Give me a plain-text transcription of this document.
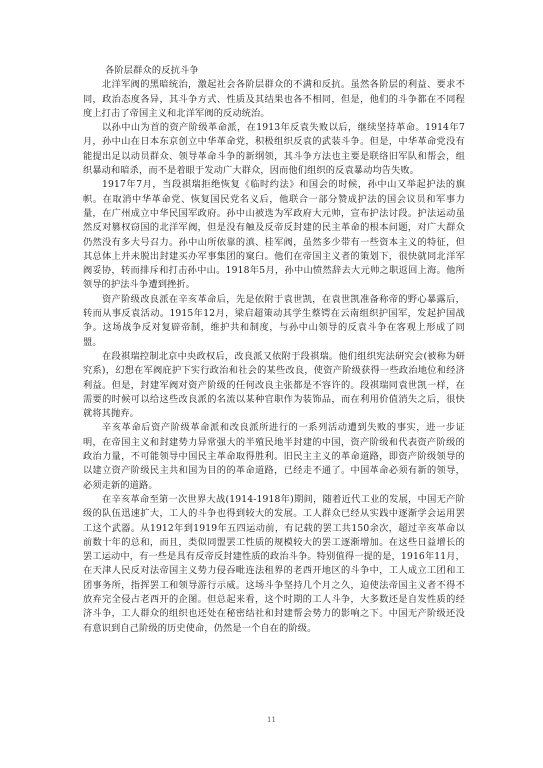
各阶层群众的反抗斗争

北洋军阀的黑暗统治，激起社会各阶层群众的不满和反抗。虽然各阶层的利益、要求不同，政治态度各异，其斗争方式、性质及其结果也各不相同，但是，他们的斗争都在不同程度上打击了帝国主义和北洋军阀的反动统治。

以孙中山为首的资产阶级革命派，在1913年反袁失败以后，继续坚持革命。1914年7月，孙中山在日本东京创立中华革命党，积极组织反袁的武装斗争。但是，中华革命党没有能提出足以动员群众、领导革命斗争的新纲领，其斗争方法也主要是联络旧军队和帮会，组织暴动和暗杀，而不是着眼于发动广大群众，因而他们组织的反袁暴动均告失败。

1917年7月，当段祺瑞拒绝恢复《临时约法》和国会的时候，孙中山又举起护法的旗帜。在取消中华革命党、恢复国民党名义后，他联合一部分赞成护法的国会议员和军事力量，在广州成立中华民国军政府。孙中山被选为军政府大元帅，宣布护法讨段。护法运动虽然反对篡权窃国的北洋军阀，但是没有触及反帝反封建的民主革命的根本问题，对广大群众仍然没有多大号召力。孙中山所依靠的滇、桂军阀，虽然多少带有一些资本主义的特征，但其总体上并未脱出封建买办军事集团的窠臼。他们在帝国主义者的策划下，很快就同北洋军阀妥协，转而排斥和打击孙中山。1918年5月，孙中山愤然辞去大元帅之职返回上海。他所领导的护法斗争遭到挫折。

资产阶级改良派在辛亥革命后，先是依附于袁世凯，在袁世凯准备称帝的野心暴露后，转而从事反袁活动。1915年12月，梁启超策动其学生蔡锷在云南组织护国军，发起护国战争。这场战争反对复辟帝制，维护共和制度，与孙中山领导的反袁斗争在客观上形成了同盟。

在段祺瑞控制北京中央政权后，改良派又依附于段祺瑞。他们组织宪法研究会(被称为研究系)，幻想在军阀庇护下实行政治和社会的某些改良，使资产阶级获得一些政治地位和经济利益。但是，封建军阀对资产阶级的任何改良主张都是不容许的。段祺瑞同袁世凯一样，在需要的时候可以给这些改良派的名流以某种官职作为装饰品，而在利用价值消失之后，很快就将其抛弃。

辛亥革命后资产阶级革命派和改良派所进行的一系列活动遭到失败的事实，进一步证明，在帝国主义和封建势力异常强大的半殖民地半封建的中国，资产阶级和代表资产阶级的政治力量，不可能领导中国民主革命取得胜利。旧民主主义的革命道路，即资产阶级领导的以建立资产阶级民主共和国为目的的革命道路，已经走不通了。中国革命必须有新的领导，必须走新的道路。

在辛亥革命至第一次世界大战(1914-1918年)期间，随着近代工业的发展，中国无产阶级的队伍迅速扩大，工人的斗争也得到较大的发展。工人群众已经从实践中逐渐学会运用罢工这个武器。从1912年到1919年五四运动前，有记载的罢工共150余次，超过辛亥革命以前数十年的总和，而且，类似同盟罢工性质的规模较大的罢工逐渐增加。在这些日益增长的罢工运动中，有一些是具有反帝反封建性质的政治斗争。特别值得一提的是，1916年11月，在天津人民反对法帝国主义势力侵吞毗连法租界的老西开地区的斗争中，工人成立工团和工团事务所，指挥罢工和领导游行示威。这场斗争坚持几个月之久，迫使法帝国主义者不得不放弃完全侵占老西开的企图。但总起来看，这个时期的工人斗争，大多数还是自发性质的经济斗争，工人群众的组织也还处在秘密结社和封建帮会势力的影响之下。中国无产阶级还没有意识到自己阶级的历史使命，仍然是一个自在的阶级。

11
